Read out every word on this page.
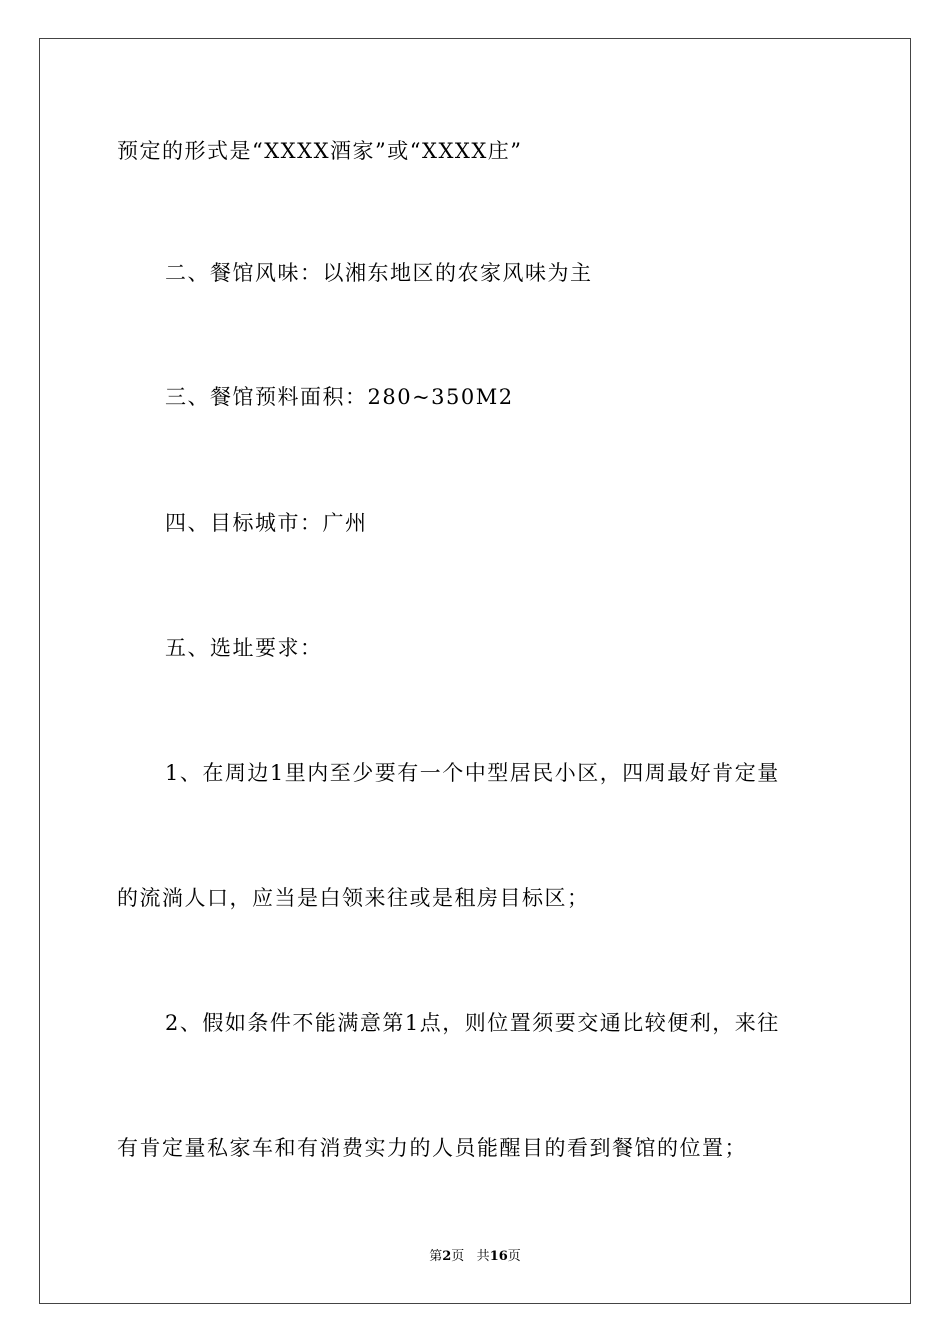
预定的形式是“XXXX酒家”或“XXXX庄”
二、餐馆风味：以湘东地区的农家风味为主
三、餐馆预料面积：280~350M2
四、目标城市：广州
五、选址要求：
1、在周边1里内至少要有一个中型居民小区，四周最好肯定量
的流淌人口，应当是白领来往或是租房目标区；
2、假如条件不能满意第1点，则位置须要交通比较便利，来往
有肯定量私家车和有消费实力的人员能醒目的看到餐馆的位置；
第2页 共16页
